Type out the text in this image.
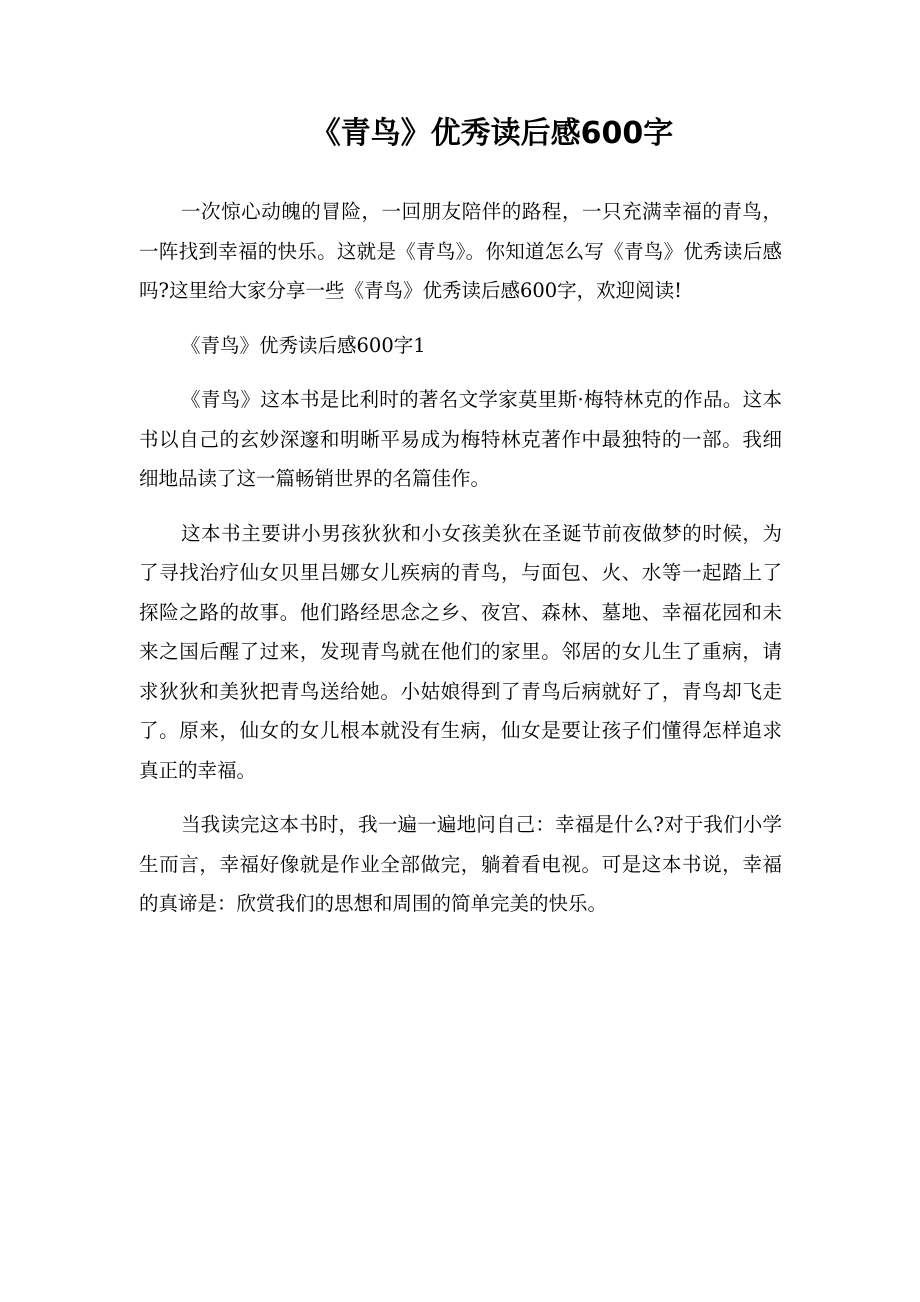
《青鸟》优秀读后感600字

一次惊心动魄的冒险，一回朋友陪伴的路程，一只充满幸福的青鸟，一阵找到幸福的快乐。这就是《青鸟》。你知道怎么写《青鸟》优秀读后感吗?这里给大家分享一些《青鸟》优秀读后感600字，欢迎阅读!

《青鸟》优秀读后感600字1

《青鸟》这本书是比利时的著名文学家莫里斯·梅特林克的作品。这本书以自己的玄妙深邃和明晰平易成为梅特林克著作中最独特的一部。我细细地品读了这一篇畅销世界的名篇佳作。

这本书主要讲小男孩狄狄和小女孩美狄在圣诞节前夜做梦的时候，为了寻找治疗仙女贝里吕娜女儿疾病的青鸟，与面包、火、水等一起踏上了探险之路的故事。他们路经思念之乡、夜宫、森林、墓地、幸福花园和未来之国后醒了过来，发现青鸟就在他们的家里。邻居的女儿生了重病，请求狄狄和美狄把青鸟送给她。小姑娘得到了青鸟后病就好了，青鸟却飞走了。原来，仙女的女儿根本就没有生病，仙女是要让孩子们懂得怎样追求真正的幸福。

当我读完这本书时，我一遍一遍地问自己：幸福是什么?对于我们小学生而言，幸福好像就是作业全部做完，躺着看电视。可是这本书说，幸福的真谛是：欣赏我们的思想和周围的简单完美的快乐。
